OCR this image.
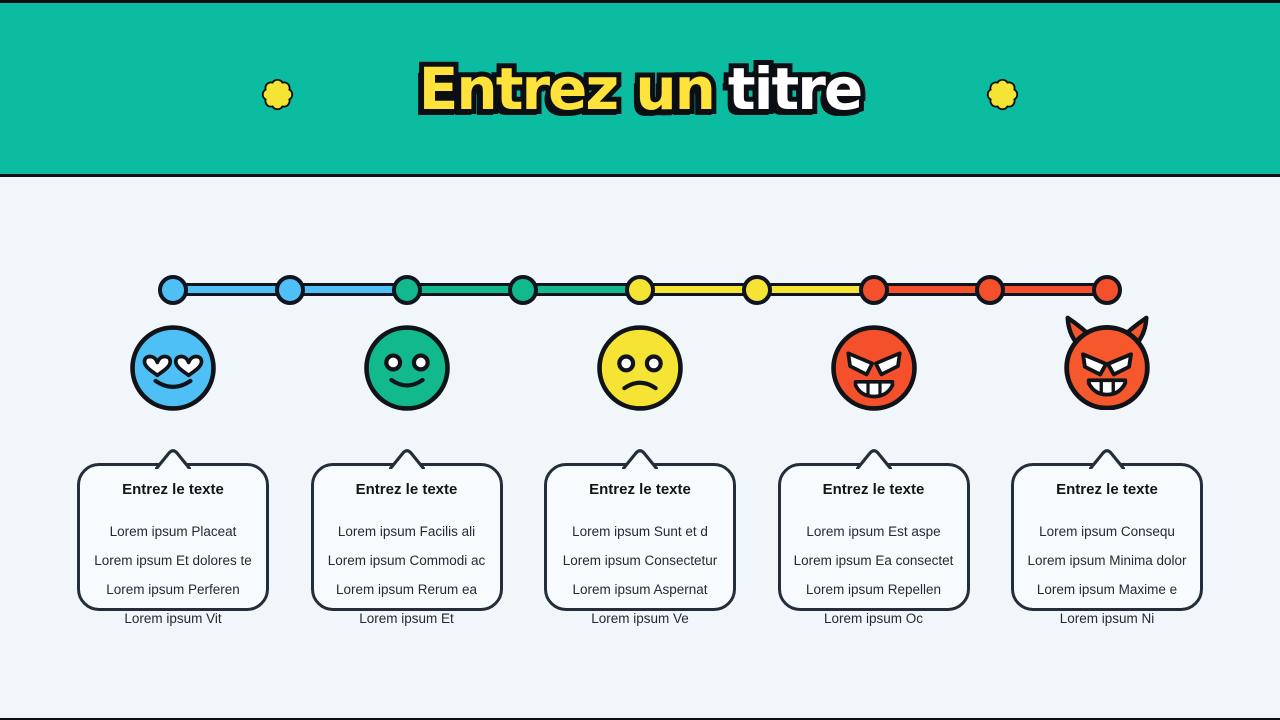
Entrez un titre
Entrez le texte
Lorem ipsum Placeat
Lorem ipsum Et dolores te
Lorem ipsum Perferen
Lorem ipsum Vit
Entrez le texte
Lorem ipsum Facilis ali
Lorem ipsum Commodi ac
Lorem ipsum Rerum ea
Lorem ipsum Et
Entrez le texte
Lorem ipsum Sunt et d
Lorem ipsum Consectetur
Lorem ipsum Aspernat
Lorem ipsum Ve
Entrez le texte
Lorem ipsum Est aspe
Lorem ipsum Ea consectet
Lorem ipsum Repellen
Lorem ipsum Oc
Entrez le texte
Lorem ipsum Consequ
Lorem ipsum Minima dolor
Lorem ipsum Maxime e
Lorem ipsum Ni
